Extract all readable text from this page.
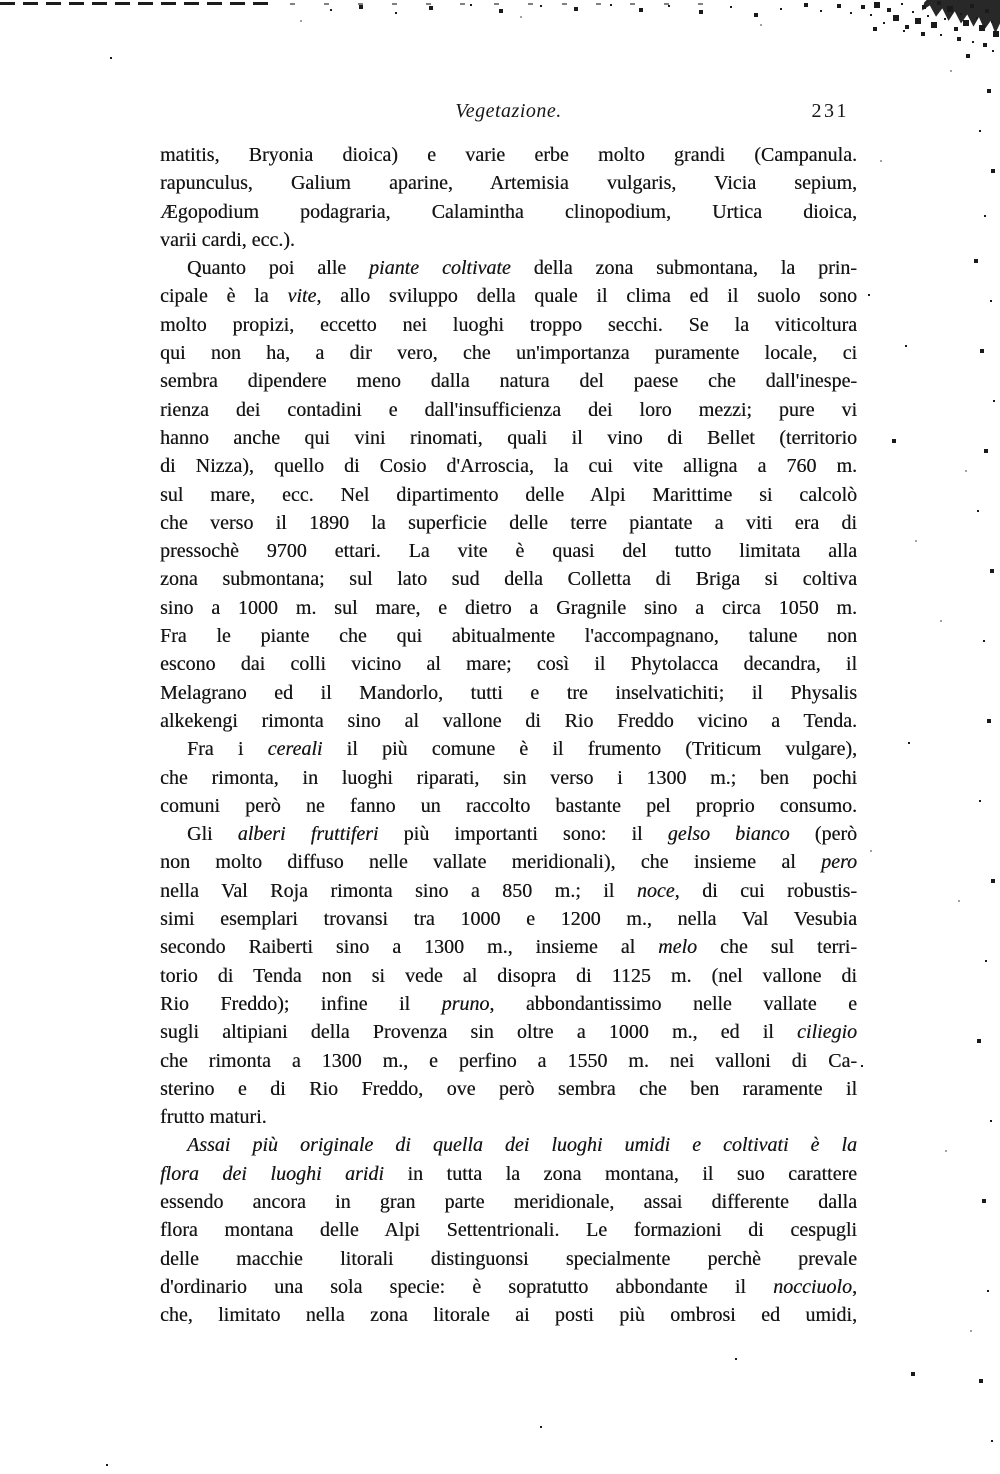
Vegetazione.	231
matitis, Bryonia dioica) e varie erbe molto grandi (Campanula.
rapunculus, Galium aparine, Artemisia vulgaris, Vicia sepium,
Ægopodium podagraria, Calamintha clinopodium, Urtica dioica,
varii cardi, ecc.).
Quanto poi alle piante coltivate della zona submontana, la prin-
cipale è la vite, allo sviluppo della quale il clima ed il suolo sono
molto propizi, eccetto nei luoghi troppo secchi. Se la viticoltura
qui non ha, a dir vero, che un'importanza puramente locale, ci
sembra dipendere meno dalla natura del paese che dall'inespe-
rienza dei contadini e dall'insufficienza dei loro mezzi; pure vi
hanno anche qui vini rinomati, quali il vino di Bellet (territorio
di Nizza), quello di Cosio d'Arroscia, la cui vite alligna a 760 m.
sul mare, ecc. Nel dipartimento delle Alpi Marittime si calcolò
che verso il 1890 la superficie delle terre piantate a viti era di
pressochè 9700 ettari. La vite è quasi del tutto limitata alla
zona submontana; sul lato sud della Colletta di Briga si coltiva
sino a 1000 m. sul mare, e dietro a Gragnile sino a circa 1050 m.
Fra le piante che qui abitualmente l'accompagnano, talune non
escono dai colli vicino al mare; così il Phytolacca decandra, il
Melagrano ed il Mandorlo, tutti e tre inselvatichiti; il Physalis
alkekengi rimonta sino al vallone di Rio Freddo vicino a Tenda.
Fra i cereali il più comune è il frumento (Triticum vulgare),
che rimonta, in luoghi riparati, sin verso i 1300 m.; ben pochi
comuni però ne fanno un raccolto bastante pel proprio consumo.
Gli alberi fruttiferi più importanti sono: il gelso bianco (però
non molto diffuso nelle vallate meridionali), che insieme al pero
nella Val Roja rimonta sino a 850 m.; il noce, di cui robustis-
simi esemplari trovansi tra 1000 e 1200 m., nella Val Vesubia
secondo Raiberti sino a 1300 m., insieme al melo che sul terri-
torio di Tenda non si vede al disopra di 1125 m. (nel vallone di
Rio Freddo); infine il pruno, abbondantissimo nelle vallate e
sugli altipiani della Provenza sin oltre a 1000 m., ed il ciliegio
che rimonta a 1300 m., e perfino a 1550 m. nei valloni di Ca-
sterino e di Rio Freddo, ove però sembra che ben raramente il
frutto maturi.
Assai più originale di quella dei luoghi umidi e coltivati è la
flora dei luoghi aridi in tutta la zona montana, il suo carattere
essendo ancora in gran parte meridionale, assai differente dalla
flora montana delle Alpi Settentrionali. Le formazioni di cespugli
delle macchie litorali distinguonsi specialmente perchè prevale
d'ordinario una sola specie: è sopratutto abbondante il nocciuolo,
che, limitato nella zona litorale ai posti più ombrosi ed umidi,
